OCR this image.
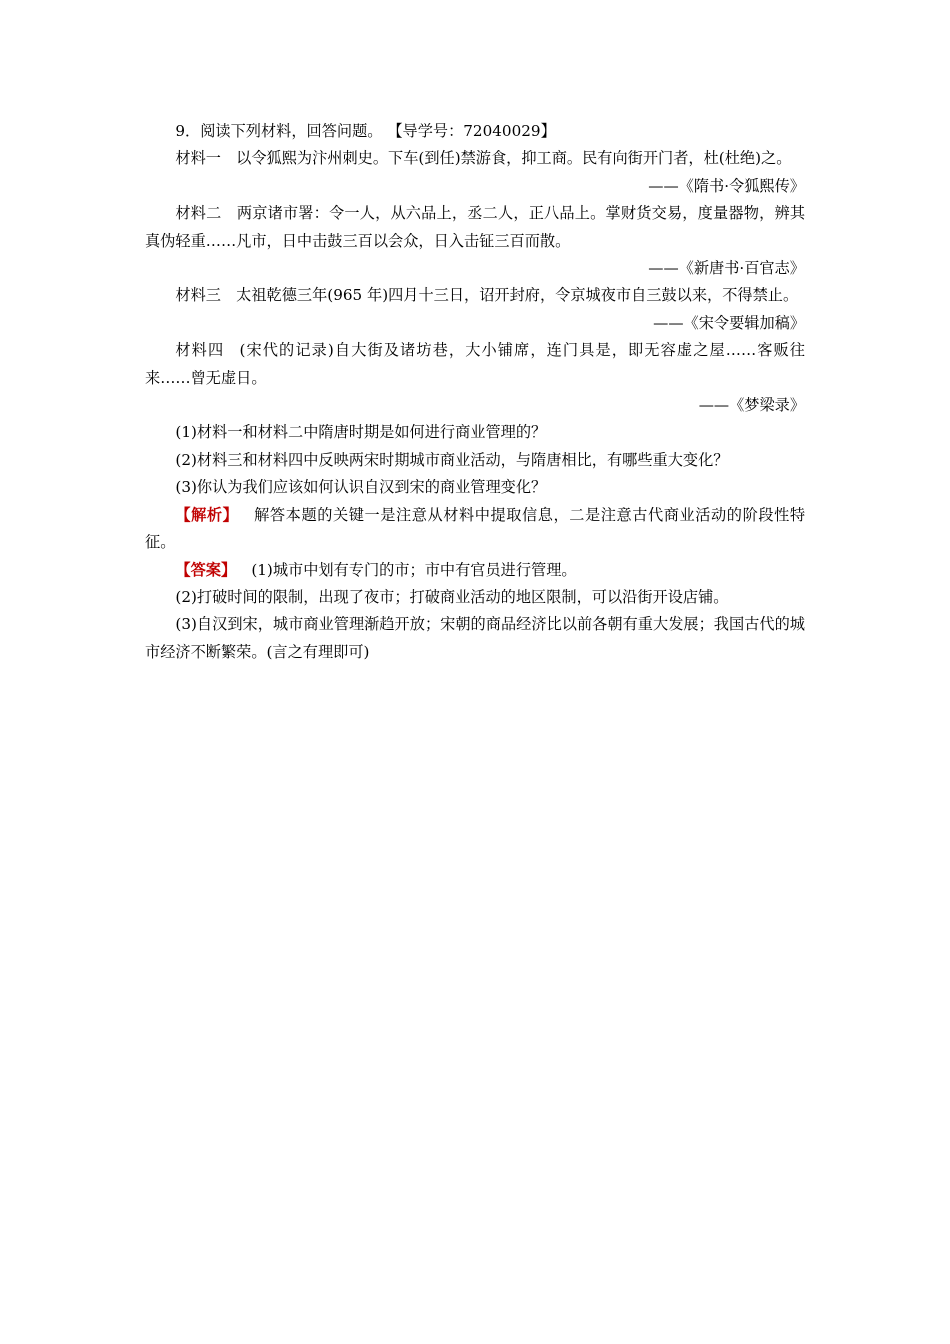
9．阅读下列材料，回答问题。 【导学号：72040029】

材料一 以令狐熙为汴州刺史。下车(到任)禁游食，抑工商。民有向街开门者，杜(杜绝)之。

——《隋书·令狐熙传》

材料二 两京诸市署：令一人，从六品上，丞二人，正八品上。掌财货交易，度量器物，辨其真伪轻重……凡市，日中击鼓三百以会众，日入击钲三百而散。

——《新唐书·百官志》

材料三 太祖乾德三年(965 年)四月十三日，诏开封府，令京城夜市自三鼓以来，不得禁止。

——《宋令要辑加稿》

材料四 (宋代的记录)自大街及诸坊巷，大小铺席，连门具是，即无容虚之屋……客贩往来……曾无虚日。

——《梦梁录》

(1)材料一和材料二中隋唐时期是如何进行商业管理的？

(2)材料三和材料四中反映两宋时期城市商业活动，与隋唐相比，有哪些重大变化？

(3)你认为我们应该如何认识自汉到宋的商业管理变化？

【解析】 解答本题的关键一是注意从材料中提取信息，二是注意古代商业活动的阶段性特征。

【答案】 (1)城市中划有专门的市；市中有官员进行管理。

(2)打破时间的限制，出现了夜市；打破商业活动的地区限制，可以沿街开设店铺。

(3)自汉到宋，城市商业管理渐趋开放；宋朝的商品经济比以前各朝有重大发展；我国古代的城市经济不断繁荣。(言之有理即可)
